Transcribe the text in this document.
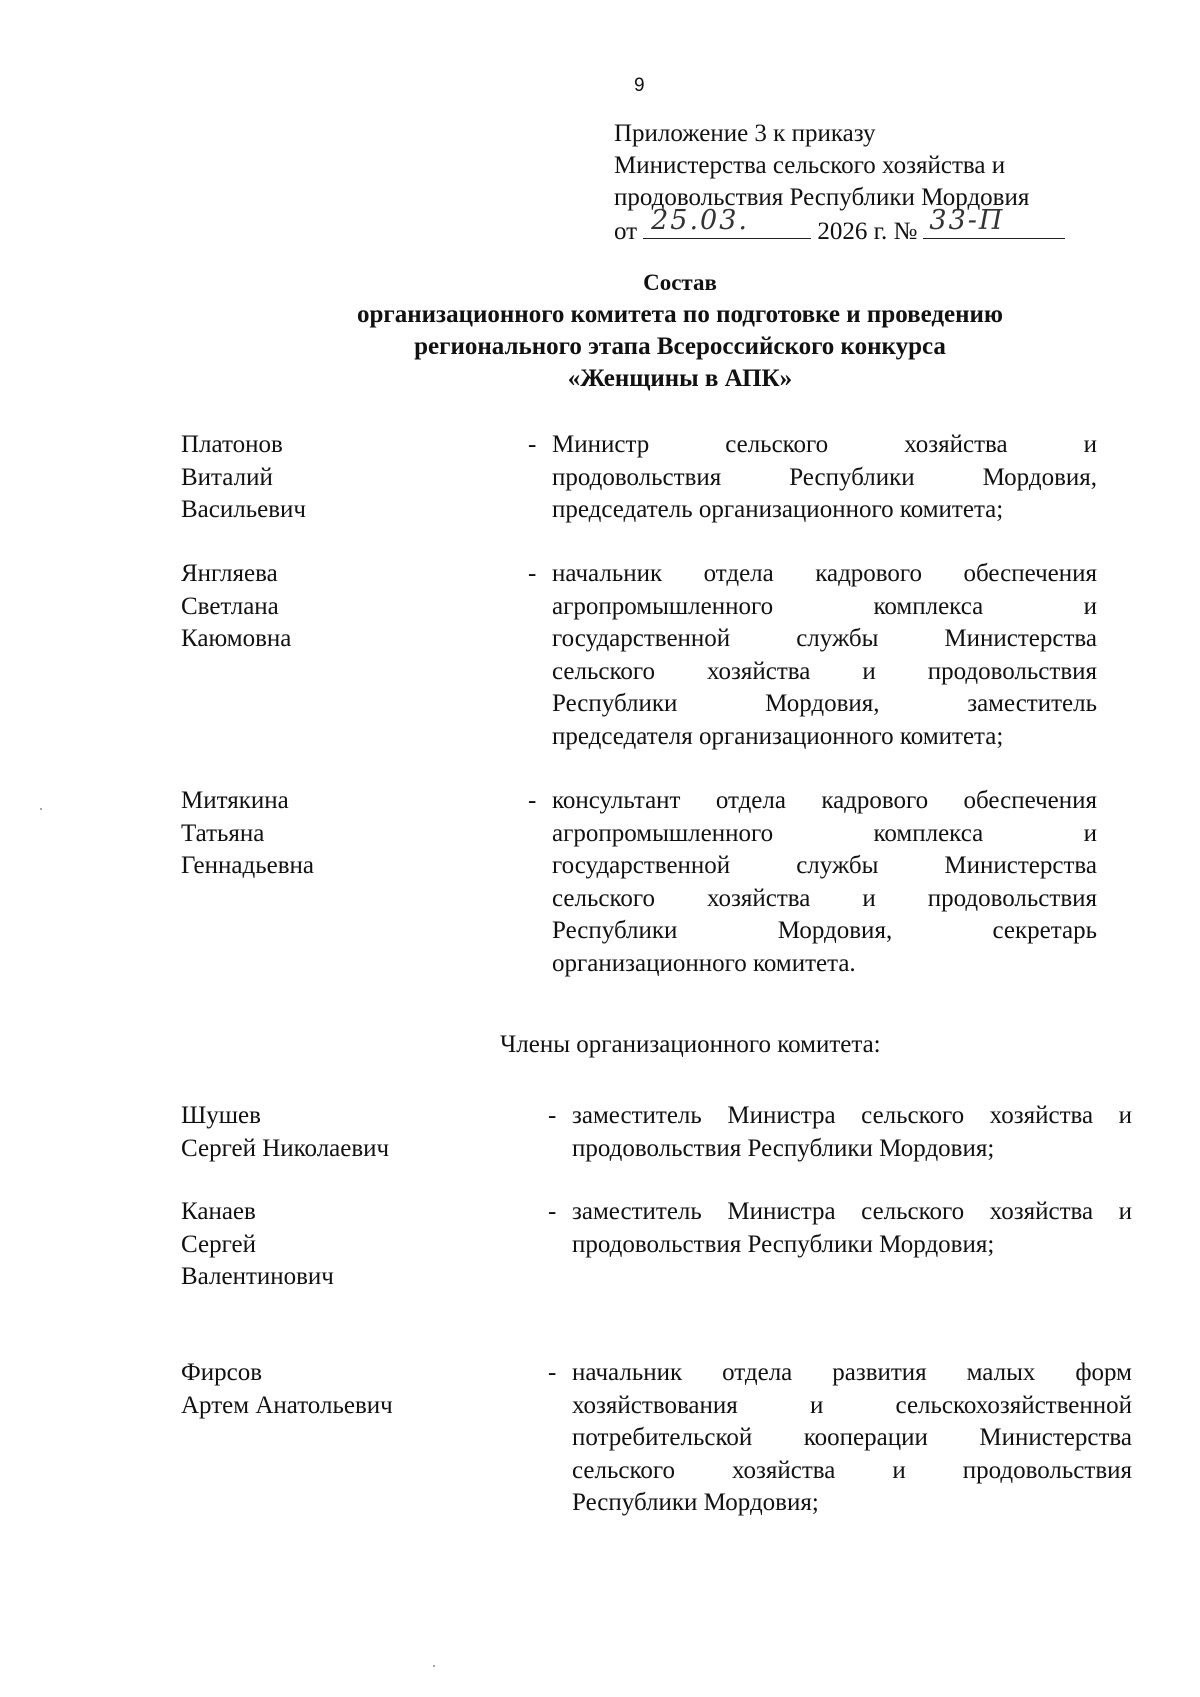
9
Приложение 3 к приказу
Министерства сельского хозяйства и
продовольствия Республики Мордовия
от 25.03.	2026 г. № 33-П
Состав
организационного комитета по подготовке и проведению
регионального этапа Всероссийского конкурса
«Женщины в АПК»
Платонов
Виталий
Васильевич
- Министр сельского хозяйства и
продовольствия Республики Мордовия,
председатель организационного комитета;
Янгляева
Светлана
Каюмовна
- начальник отдела кадрового обеспечения
агропромышленного комплекса и
государственной службы Министерства
сельского хозяйства и продовольствия
Республики Мордовия, заместитель
председателя организационного комитета;
Митякина
Татьяна
Геннадьевна
- консультант отдела кадрового обеспечения
агропромышленного комплекса и
государственной службы Министерства
сельского хозяйства и продовольствия
Республики Мордовия, секретарь
организационного комитета.
Члены организационного комитета:
Шушев
Сергей Николаевич
- заместитель Министра сельского хозяйства и
продовольствия Республики Мордовия;
Канаев
Сергей
Валентинович
- заместитель Министра сельского хозяйства и
продовольствия Республики Мордовия;
Фирсов
Артем Анатольевич
- начальник отдела развития малых форм
хозяйствования и сельскохозяйственной
потребительской кооперации Министерства
сельского хозяйства и продовольствия
Республики Мордовия;
